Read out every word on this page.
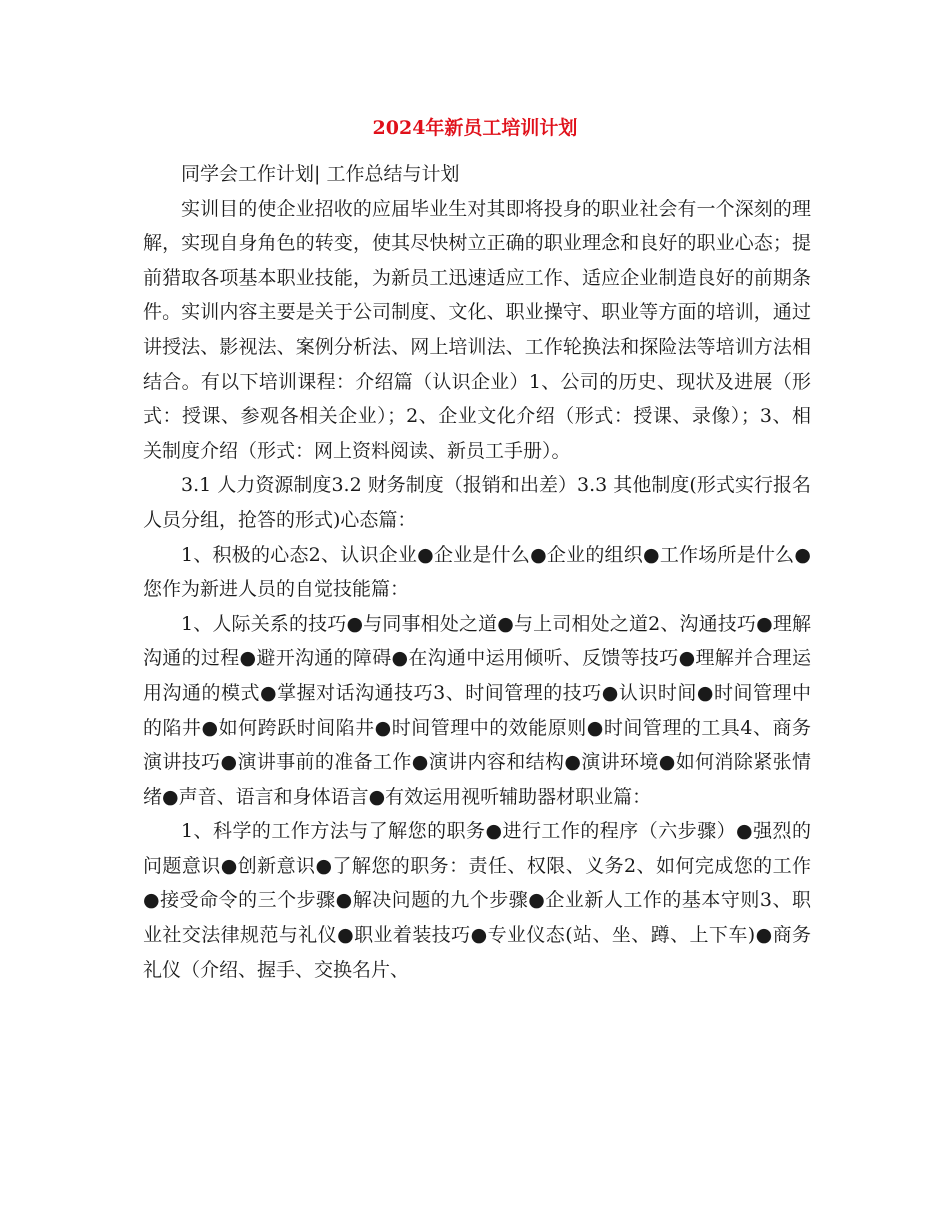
2024年新员工培训计划

同学会工作计划| 工作总结与计划

实训目的使企业招收的应届毕业生对其即将投身的职业社会有一个深刻的理解，实现自身角色的转变，使其尽快树立正确的职业理念和良好的职业心态；提前猎取各项基本职业技能，为新员工迅速适应工作、适应企业制造良好的前期条件。实训内容主要是关于公司制度、文化、职业操守、职业等方面的培训，通过讲授法、影视法、案例分析法、网上培训法、工作轮换法和探险法等培训方法相结合。有以下培训课程：介绍篇（认识企业）1、公司的历史、现状及进展（形式：授课、参观各相关企业）；2、企业文化介绍（形式：授课、录像）；3、相关制度介绍（形式：网上资料阅读、新员工手册）。

3.1 人力资源制度3.2 财务制度（报销和出差）3.3 其他制度(形式实行报名人员分组，抢答的形式)心态篇：

1、积极的心态2、认识企业●企业是什么●企业的组织●工作场所是什么●您作为新进人员的自觉技能篇：

1、人际关系的技巧●与同事相处之道●与上司相处之道2、沟通技巧●理解沟通的过程●避开沟通的障碍●在沟通中运用倾听、反馈等技巧●理解并合理运用沟通的模式●掌握对话沟通技巧3、时间管理的技巧●认识时间●时间管理中的陷井●如何跨跃时间陷井●时间管理中的效能原则●时间管理的工具4、商务演讲技巧●演讲事前的准备工作●演讲内容和结构●演讲环境●如何消除紧张情绪●声音、语言和身体语言●有效运用视听辅助器材职业篇：

1、科学的工作方法与了解您的职务●进行工作的程序（六步骤）●强烈的问题意识●创新意识●了解您的职务：责任、权限、义务2、如何完成您的工作●接受命令的三个步骤●解决问题的九个步骤●企业新人工作的基本守则3、职业社交法律规范与礼仪●职业着装技巧●专业仪态(站、坐、蹲、上下车)●商务礼仪（介绍、握手、交换名片、
